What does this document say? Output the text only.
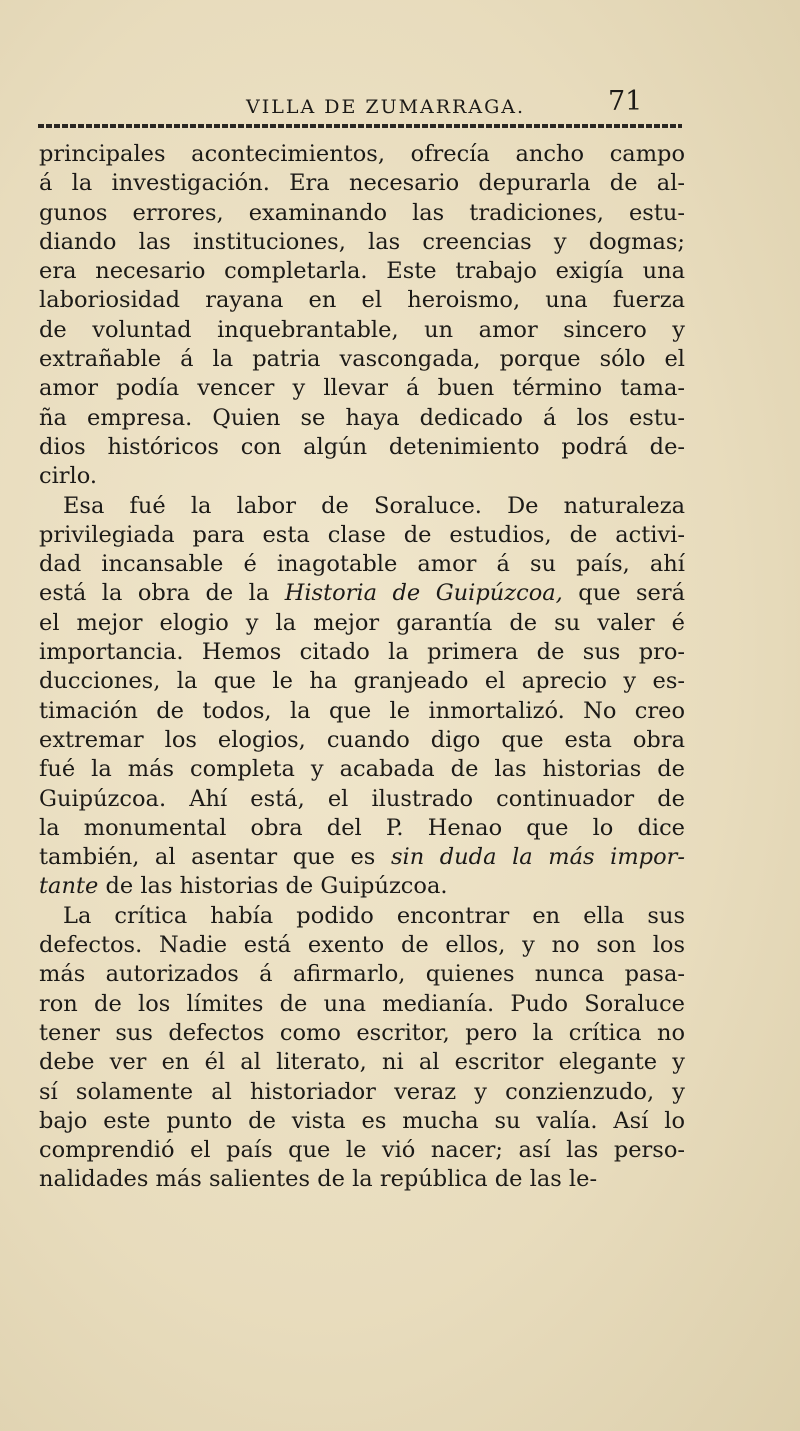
VILLA DE ZUMARRAGA.	71
principales acontecimientos, ofrecía ancho campo
á la investigación. Era necesario depurarla de al-
gunos errores, examinando las tradiciones, estu-
diando las instituciones, las creencias y dogmas;
era necesario completarla. Este trabajo exigía una
laboriosidad rayana en el heroismo, una fuerza
de voluntad inquebrantable, un amor sincero y
extrañable á la patria vascongada, porque sólo el
amor podía vencer y llevar á buen término tama-
ña empresa. Quien se haya dedicado á los estu-
dios históricos con algún detenimiento podrá de-
cirlo.
Esa fué la labor de Soraluce. De naturaleza
privilegiada para esta clase de estudios, de activi-
dad incansable é inagotable amor á su país, ahí
está la obra de la Historia de Guipúzcoa, que será
el mejor elogio y la mejor garantía de su valer é
importancia. Hemos citado la primera de sus pro-
ducciones, la que le ha granjeado el aprecio y es-
timación de todos, la que le inmortalizó. No creo
extremar los elogios, cuando digo que esta obra
fué la más completa y acabada de las historias de
Guipúzcoa. Ahí está, el ilustrado continuador de
la monumental obra del P. Henao que lo dice
también, al asentar que es sin duda la más impor-
tante de las historias de Guipúzcoa.
La crítica había podido encontrar en ella sus
defectos. Nadie está exento de ellos, y no son los
más autorizados á afirmarlo, quienes nunca pasa-
ron de los límites de una medianía. Pudo Soraluce
tener sus defectos como escritor, pero la crítica no
debe ver en él al literato, ni al escritor elegante y
sí solamente al historiador veraz y conzienzudo, y
bajo este punto de vista es mucha su valía. Así lo
comprendió el país que le vió nacer; así las perso-
nalidades más salientes de la república de las le-
